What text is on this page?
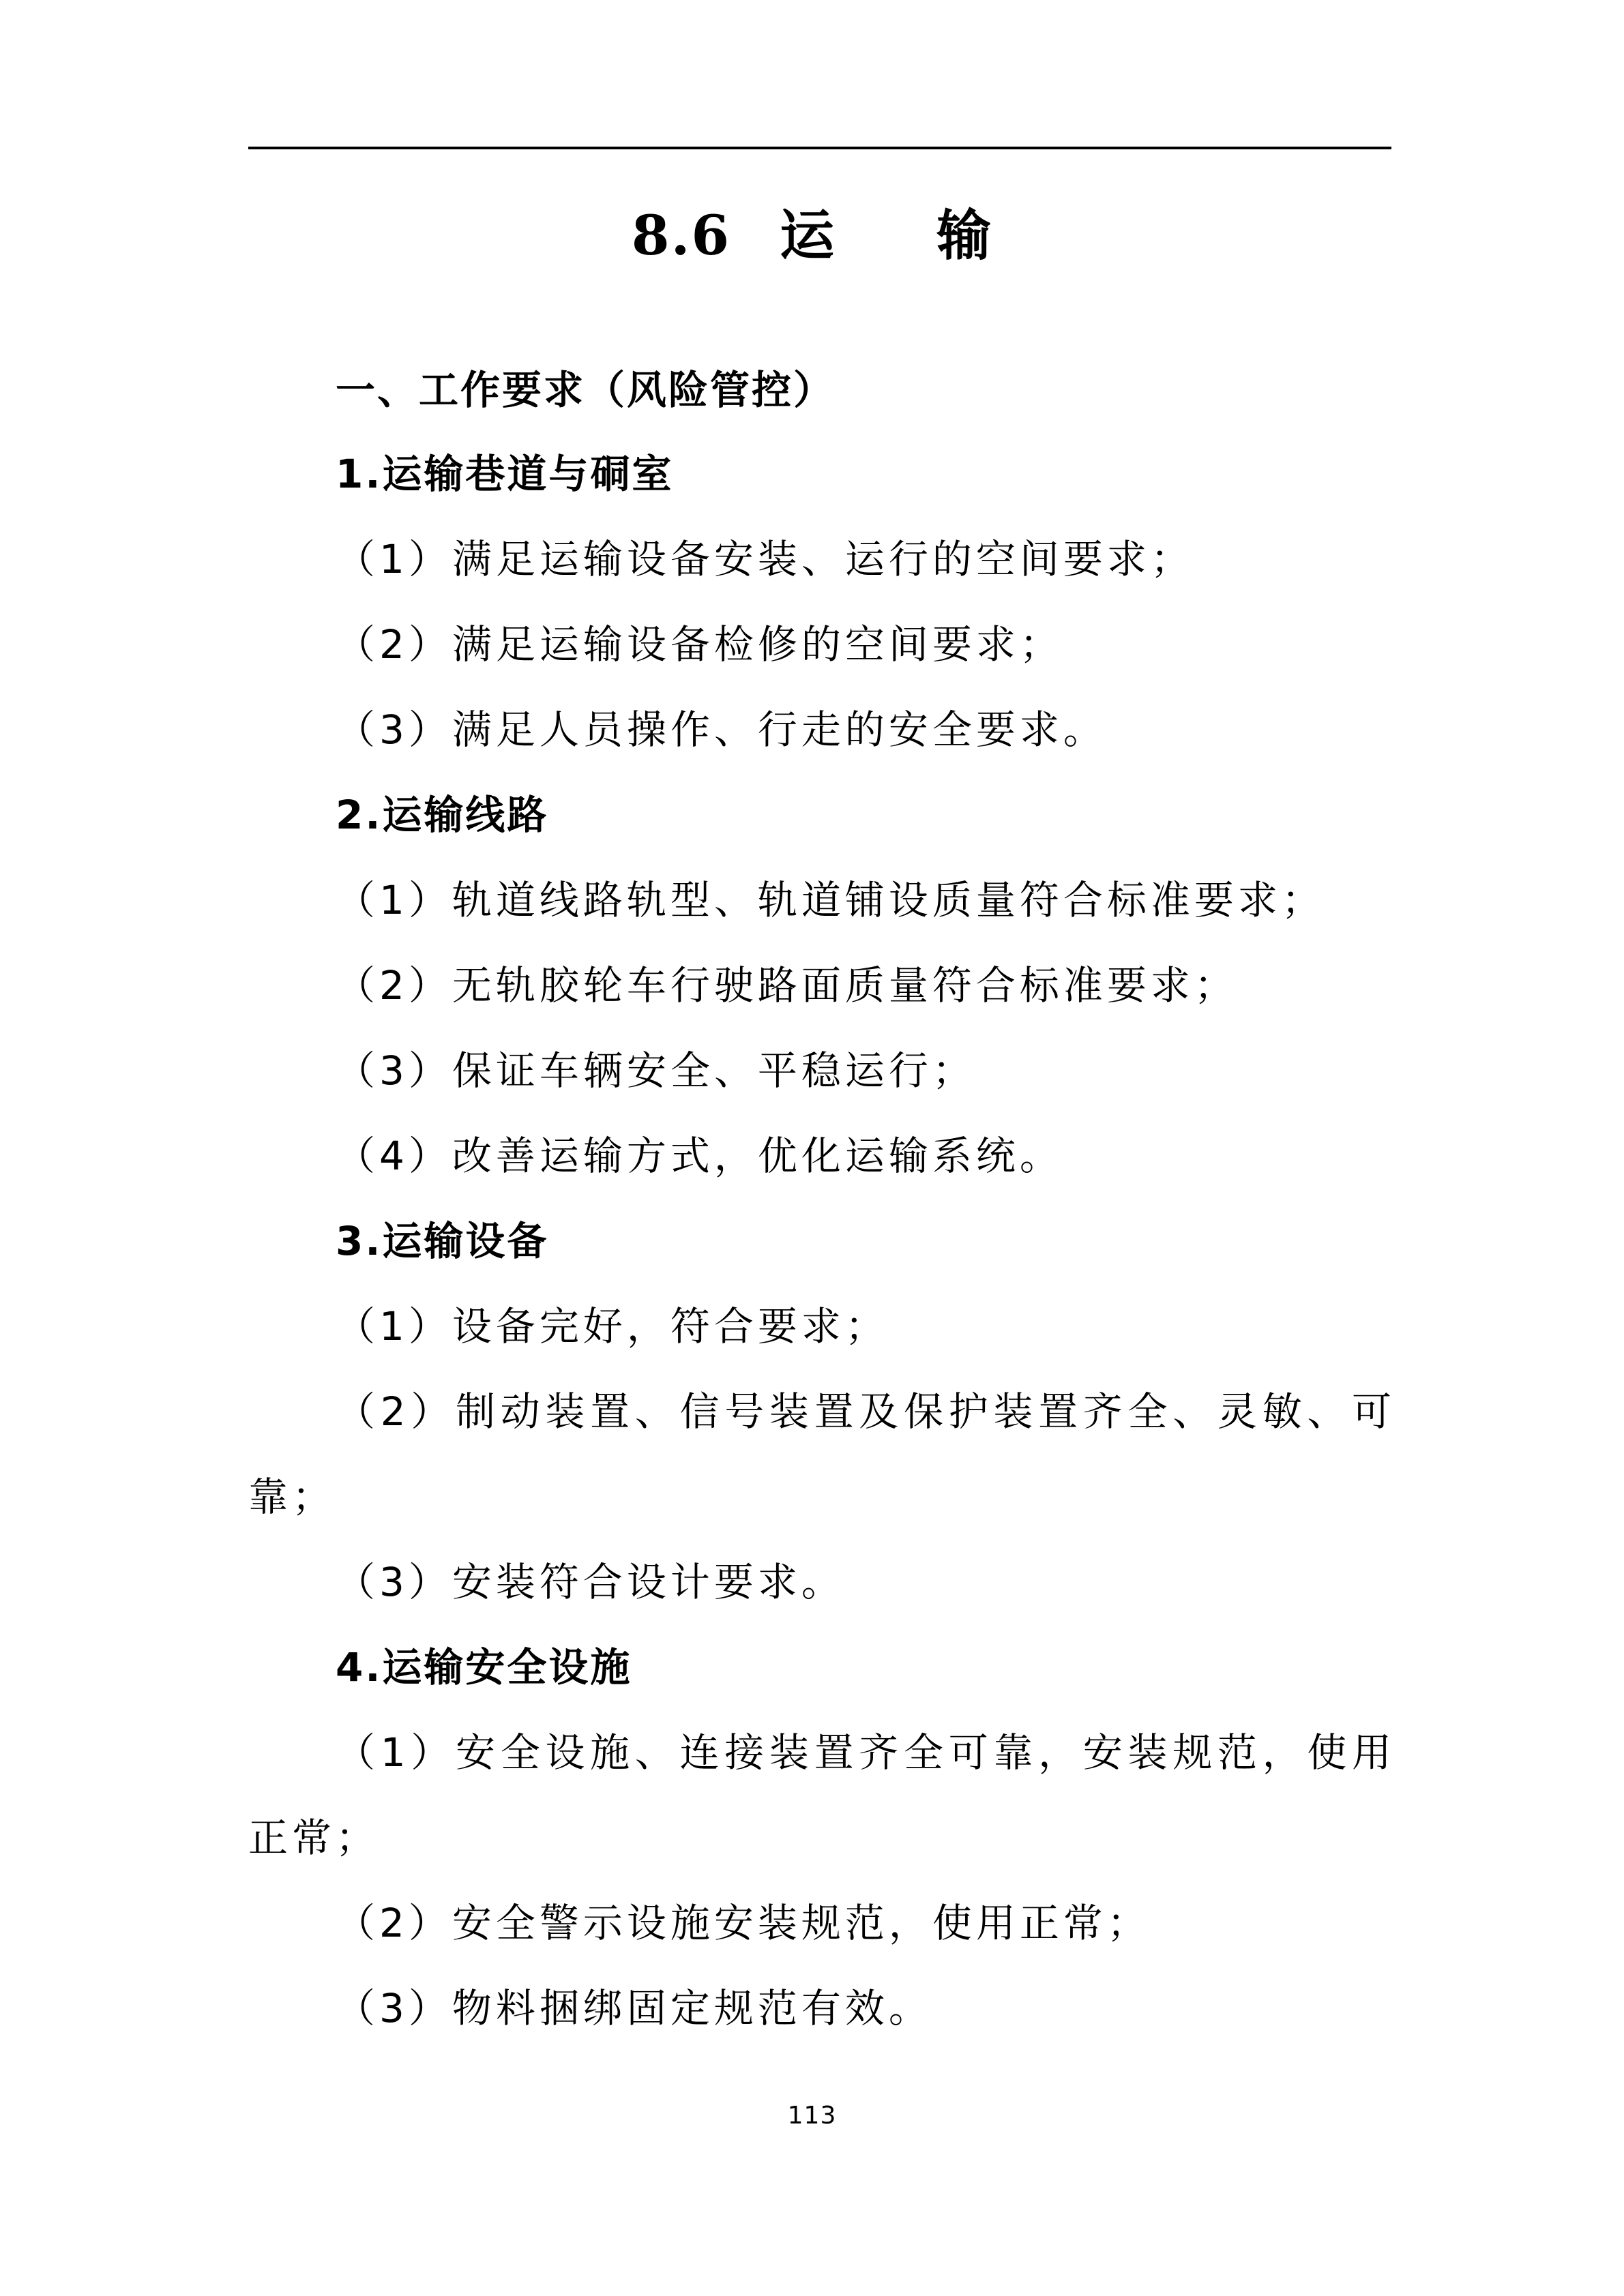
8.6 运 输
一、工作要求（风险管控）
1.运输巷道与硐室
（1）满足运输设备安装、运行的空间要求；
（2）满足运输设备检修的空间要求；
（3）满足人员操作、行走的安全要求。
2.运输线路
（1）轨道线路轨型、轨道铺设质量符合标准要求；
（2）无轨胶轮车行驶路面质量符合标准要求；
（3）保证车辆安全、平稳运行；
（4）改善运输方式，优化运输系统。
3.运输设备
（1）设备完好，符合要求；
（2）制动装置、信号装置及保护装置齐全、灵敏、可
靠；
（3）安装符合设计要求。
4.运输安全设施
（1）安全设施、连接装置齐全可靠，安装规范，使用
正常；
（2）安全警示设施安装规范，使用正常；
（3）物料捆绑固定规范有效。
113
